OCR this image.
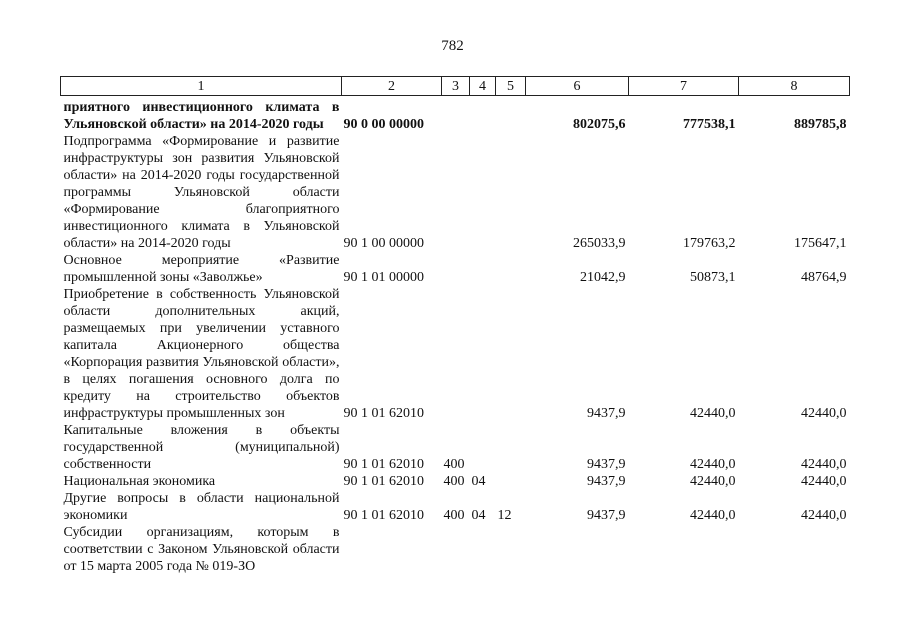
782
1	2	3	4	5	6	7	8
приятного инвестиционного климата в Ульяновской области» на 2014-2020 годы	90 0 00 00000				802075,6	777538,1	889785,8
Подпрограмма «Формирование и развитие инфраструктуры зон развития Ульяновской области» на 2014-2020 годы государственной программы Ульяновской области «Формирование благоприятного инвестиционного климата в Ульяновской области» на 2014-2020 годы	90 1 00 00000				265033,9	179763,2	175647,1
Основное мероприятие «Развитие промышленной зоны «Заволжье»	90 1 01 00000				21042,9	50873,1	48764,9
Приобретение в собственность Ульяновской области дополнительных акций, размещаемых при увеличении уставного капитала Акционерного общества «Корпорация развития Ульяновской области», в целях погашения основного долга по кредиту на строительство объектов инфраструктуры промышленных зон	90 1 01 62010				9437,9	42440,0	42440,0
Капитальные вложения в объекты государственной (муниципальной) собственности	90 1 01 62010	400			9437,9	42440,0	42440,0
Национальная экономика	90 1 01 62010	400	04		9437,9	42440,0	42440,0
Другие вопросы в области национальной экономики	90 1 01 62010	400	04	12	9437,9	42440,0	42440,0
Субсидии организациям, которым в соответствии с Законом Ульяновской области от 15 марта 2005 года № 019-ЗО							
